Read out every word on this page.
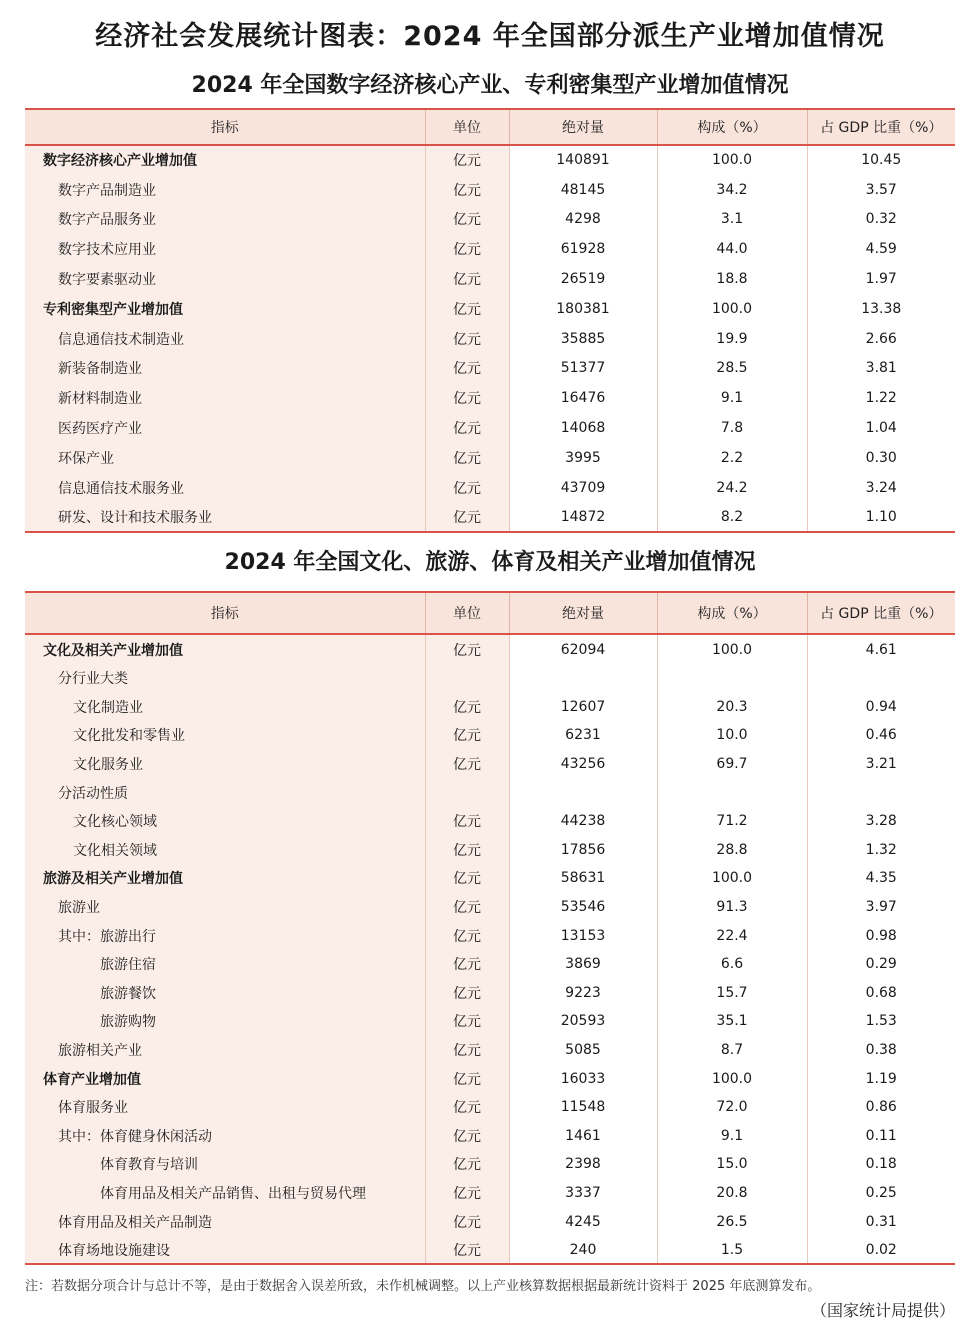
经济社会发展统计图表：2024 年全国部分派生产业增加值情况
2024 年全国数字经济核心产业、专利密集型产业增加值情况
指标	单位	绝对量	构成（%）	占 GDP 比重（%）
数字经济核心产业增加值	亿元	140891	100.0	10.45
数字产品制造业	亿元	48145	34.2	3.57
数字产品服务业	亿元	4298	3.1	0.32
数字技术应用业	亿元	61928	44.0	4.59
数字要素驱动业	亿元	26519	18.8	1.97
专利密集型产业增加值	亿元	180381	100.0	13.38
信息通信技术制造业	亿元	35885	19.9	2.66
新装备制造业	亿元	51377	28.5	3.81
新材料制造业	亿元	16476	9.1	1.22
医药医疗产业	亿元	14068	7.8	1.04
环保产业	亿元	3995	2.2	0.30
信息通信技术服务业	亿元	43709	24.2	3.24
研发、设计和技术服务业	亿元	14872	8.2	1.10
2024 年全国文化、旅游、体育及相关产业增加值情况
指标	单位	绝对量	构成（%）	占 GDP 比重（%）
文化及相关产业增加值	亿元	62094	100.0	4.61
分行业大类				
文化制造业	亿元	12607	20.3	0.94
文化批发和零售业	亿元	6231	10.0	0.46
文化服务业	亿元	43256	69.7	3.21
分活动性质				
文化核心领域	亿元	44238	71.2	3.28
文化相关领域	亿元	17856	28.8	1.32
旅游及相关产业增加值	亿元	58631	100.0	4.35
旅游业	亿元	53546	91.3	3.97
其中：旅游出行	亿元	13153	22.4	0.98
旅游住宿	亿元	3869	6.6	0.29
旅游餐饮	亿元	9223	15.7	0.68
旅游购物	亿元	20593	35.1	1.53
旅游相关产业	亿元	5085	8.7	0.38
体育产业增加值	亿元	16033	100.0	1.19
体育服务业	亿元	11548	72.0	0.86
其中：体育健身休闲活动	亿元	1461	9.1	0.11
体育教育与培训	亿元	2398	15.0	0.18
体育用品及相关产品销售、出租与贸易代理	亿元	3337	20.8	0.25
体育用品及相关产品制造	亿元	4245	26.5	0.31
体育场地设施建设	亿元	240	1.5	0.02
注：若数据分项合计与总计不等，是由于数据舍入误差所致，未作机械调整。以上产业核算数据根据最新统计资料于 2025 年底测算发布。
（国家统计局提供）
